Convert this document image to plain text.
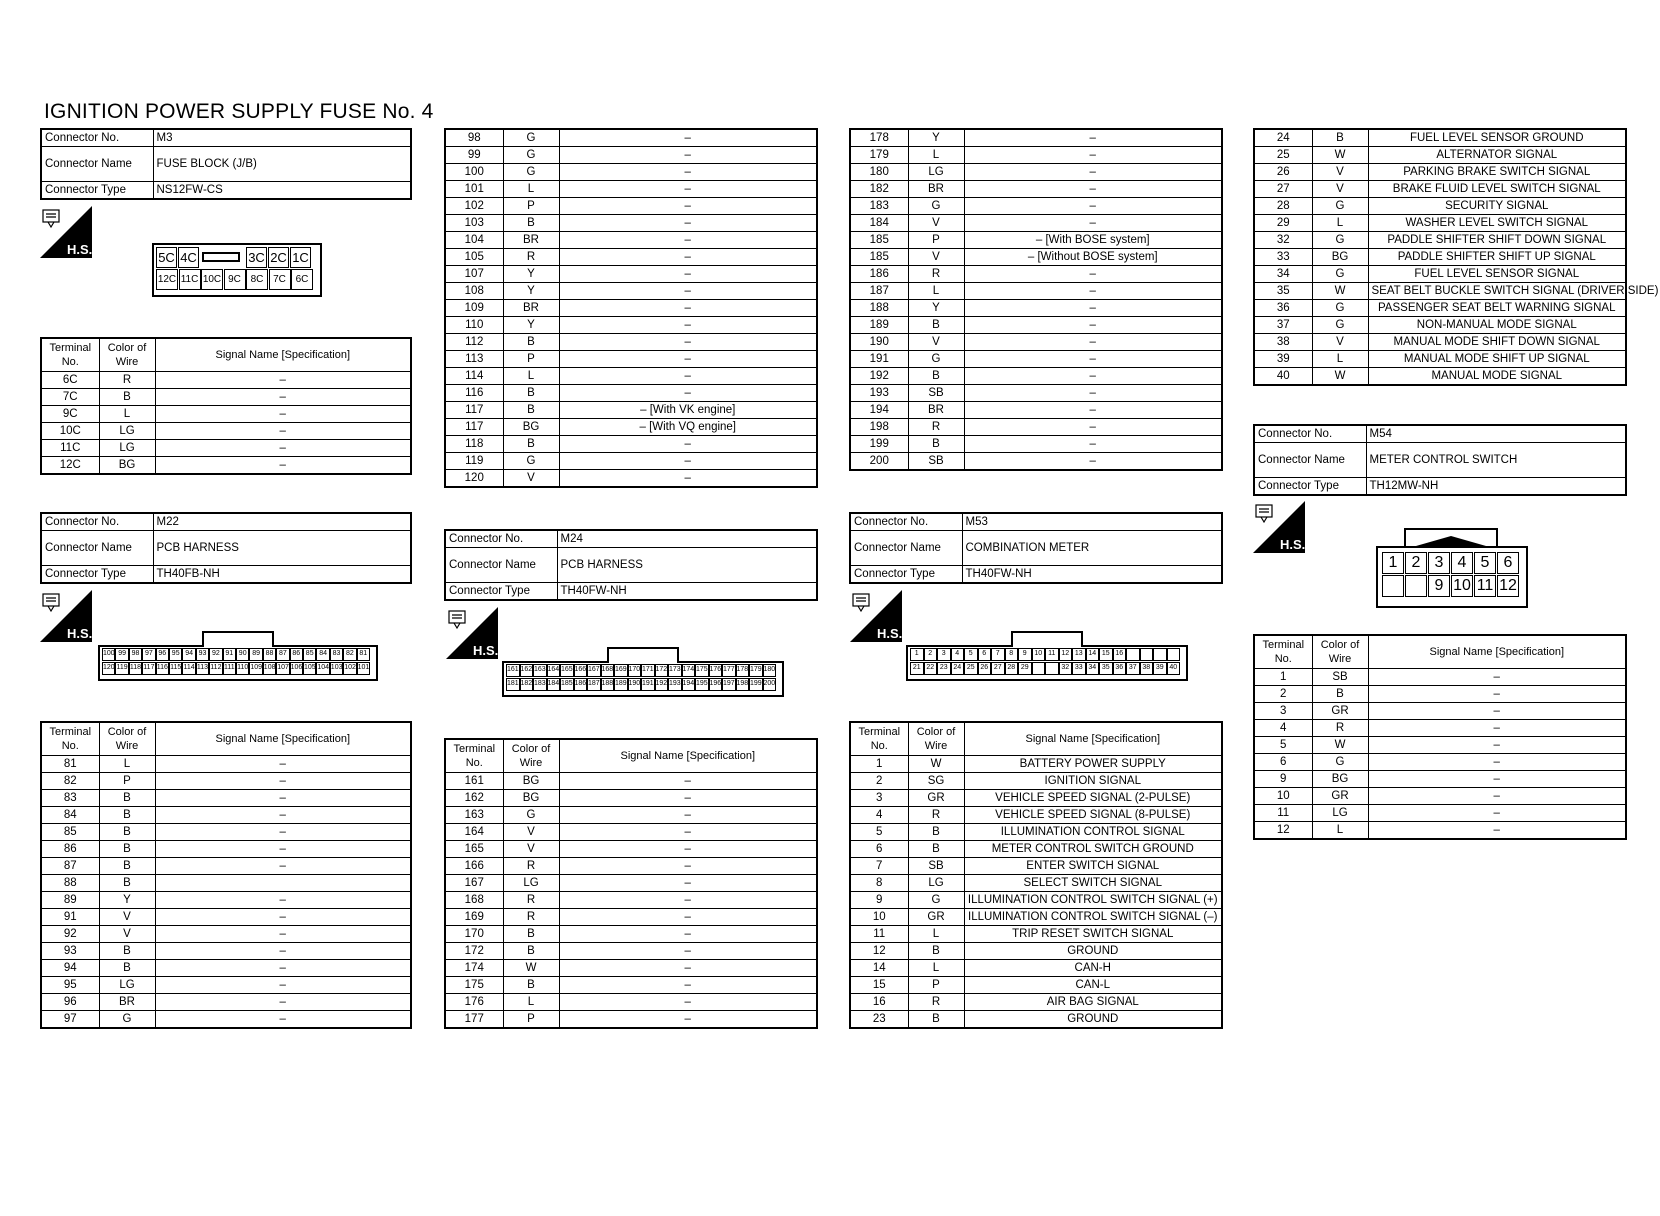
IGNITION POWER SUPPLY FUSE No. 4
Connector No.	M3
Connector Name	FUSE BLOCK (J/B)
Connector Type	NS12FW-CS
Connector No.	M22
Connector Name	PCB HARNESS
Connector Type	TH40FB-NH
Connector No.	M24
Connector Name	PCB HARNESS
Connector Type	TH40FW-NH
Connector No.	M53
Connector Name	COMBINATION METER
Connector Type	TH40FW-NH
Connector No.	M54
Connector Name	METER CONTROL SWITCH
Connector Type	TH12MW-NH
H.S.
H.S.
H.S.
H.S.
H.S.
5C 4C	3C 2C 1C
12C 11C 10C 9C 8C 7C 6C
100 99 98 97 96 95 94 93 92 91 90 89 88 87 86 85 84 83 82 81
120 119 118 117 116 115 114 113 112 111 110 109 108 107 106 105 104 103 102 101	161 162 163 164 165 166 167 168 169 170 171 172 173 174 175 176 177 178 179 180
181 182 183 184 185 186 187 188 189 190 191 192 193 194 195 196 197 198 199 200
1	2	3	4	5	6	7	8	9	10 11 12 13 14 15 16
21 22 23 24 25 26 27 28 29	32 33 34 35 36 37 38 39 40
1 2 3 4 5 6
9 10 11 12
Terminal No.	Color of Wire	Signal Name [Specification]
6C	R	–
7C	B	–
9C	L	–
10C	LG	–
11C	LG	–
12C	BG	–
Terminal No.	Color of Wire	Signal Name [Specification]
81	L	–
82	P	–
83	B	–
84	B	–
85	B	–
86	B	–
87	B	–
88	B	
89	Y	–
91	V	–
92	V	–
93	B	–
94	B	–
95	LG	–
96	BR	–
97	G	–
98	G	–
99	G	–
100	G	–
101	L	–
102	P	–
103	B	–
104	BR	–
105	R	–
107	Y	–
108	Y	–
109	BR	–
110	Y	–
112	B	–
113	P	–
114	L	–
116	B	–
117	B	– [With VK engine]
117	BG	– [With VQ engine]
118	B	–
119	G	–
120	V	–
Terminal No.	Color of Wire	Signal Name [Specification]
161	BG	–
162	BG	–
163	G	–
164	V	–
165	V	–
166	R	–
167	LG	–
168	R	–
169	R	–
170	B	–
172	B	–
174	W	–
175	B	–
176	L	–
177	P	–
178	Y	–
179	L	–
180	LG	–
182	BR	–
183	G	–
184	V	–
185	P	– [With BOSE system]
185	V	– [Without BOSE system]
186	R	–
187	L	–
188	Y	–
189	B	–
190	V	–
191	G	–
192	B	–
193	SB	–
194	BR	–
198	R	–
199	B	–
200	SB	–
Terminal No.	Color of Wire	Signal Name [Specification]
1	W	BATTERY POWER SUPPLY
2	SG	IGNITION SIGNAL
3	GR	VEHICLE SPEED SIGNAL (2-PULSE)
4	R	VEHICLE SPEED SIGNAL (8-PULSE)
5	B	ILLUMINATION CONTROL SIGNAL
6	B	METER CONTROL SWITCH GROUND
7	SB	ENTER SWITCH SIGNAL
8	LG	SELECT SWITCH SIGNAL
9	G	ILLUMINATION CONTROL SWITCH SIGNAL (+)
10	GR	ILLUMINATION CONTROL SWITCH SIGNAL (–)
11	L	TRIP RESET SWITCH SIGNAL
12	B	GROUND
14	L	CAN-H
15	P	CAN-L
16	R	AIR BAG SIGNAL
23	B	GROUND
24	B	FUEL LEVEL SENSOR GROUND
25	W	ALTERNATOR SIGNAL
26	V	PARKING BRAKE SWITCH SIGNAL
27	V	BRAKE FLUID LEVEL SWITCH SIGNAL
28	G	SECURITY SIGNAL
29	L	WASHER LEVEL SWITCH SIGNAL
32	G	PADDLE SHIFTER SHIFT DOWN SIGNAL
33	BG	PADDLE SHIFTER SHIFT UP SIGNAL
34	G	FUEL LEVEL SENSOR SIGNAL
35	W	SEAT BELT BUCKLE SWITCH SIGNAL (DRIVER SIDE)
36	G	PASSENGER SEAT BELT WARNING SIGNAL
37	G	NON-MANUAL MODE SIGNAL
38	V	MANUAL MODE SHIFT DOWN SIGNAL
39	L	MANUAL MODE SHIFT UP SIGNAL
40	W	MANUAL MODE SIGNAL
Terminal No.	Color of Wire	Signal Name [Specification]
1	SB	–
2	B	–
3	GR	–
4	R	–
5	W	–
6	G	–
9	BG	–
10	GR	–
11	LG	–
12	L	–
